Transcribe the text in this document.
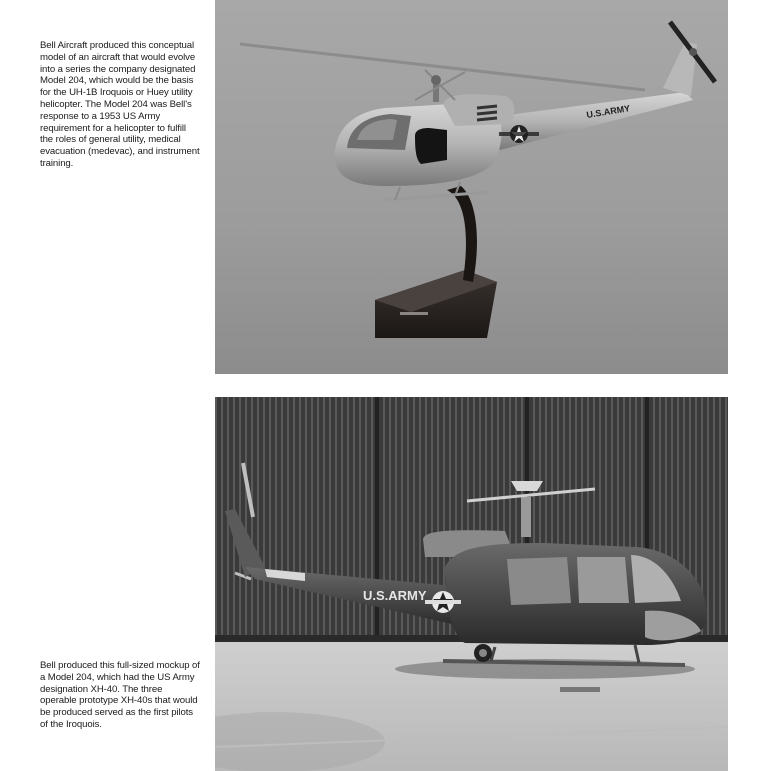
Bell Aircraft produced this conceptual model of an aircraft that would evolve into a series the company designated Model 204, which would be the basis for the UH-1B Iroquois or Huey utility helicopter. The Model 204 was Bell's response to a 1953 US Army requirement for a helicopter to fulfill the roles of general utility, medical evacuation (medevac), and instrument training.
U.S.ARMY
U.S.ARMY
Bell produced this full-sized mockup of a Model 204, which had the US Army designation XH-40. The three operable prototype XH-40s that would be produced served as the first pilots of the Iroquois.
